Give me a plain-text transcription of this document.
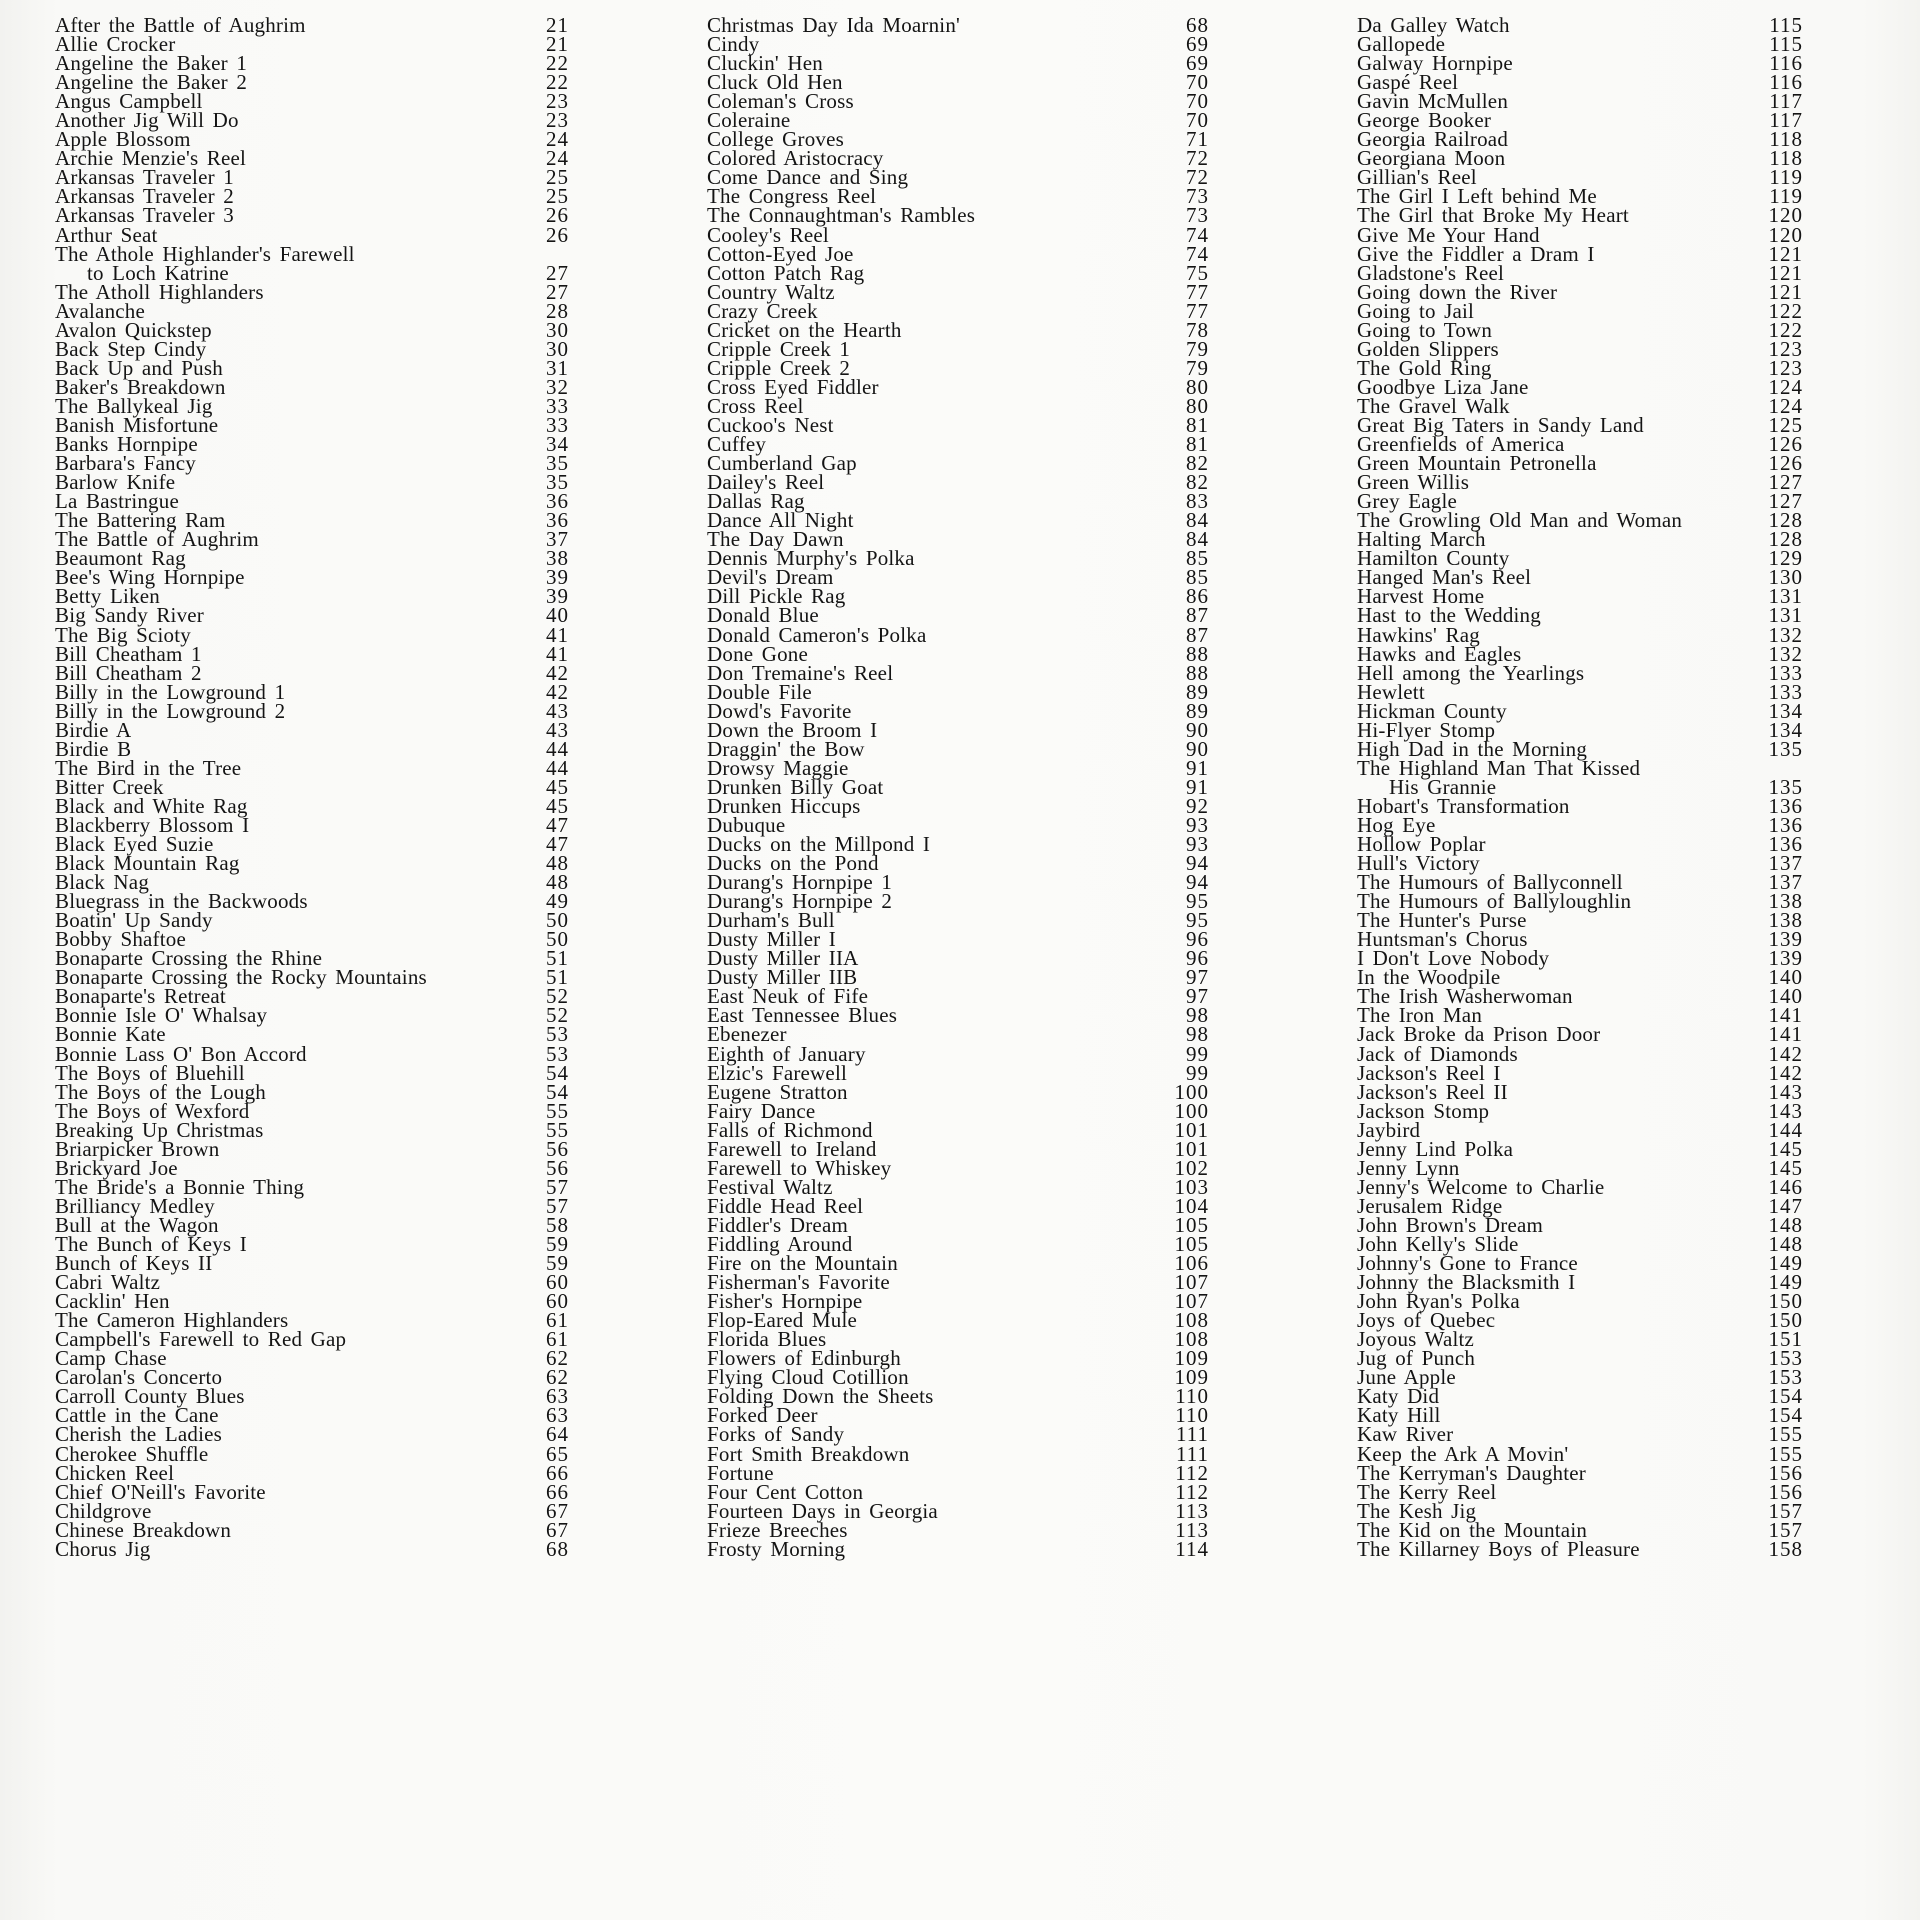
After the Battle of Aughrim	21
Allie Crocker	21
Angeline the Baker 1	22
Angeline the Baker 2	22
Angus Campbell	23
Another Jig Will Do	23
Apple Blossom	24
Archie Menzie's Reel	24
Arkansas Traveler 1	25
Arkansas Traveler 2	25
Arkansas Traveler 3	26
Arthur Seat	26
The Athole Highlander's Farewell
to Loch Katrine	27
The Atholl Highlanders	27
Avalanche	28
Avalon Quickstep	30
Back Step Cindy	30
Back Up and Push	31
Baker's Breakdown	32
The Ballykeal Jig	33
Banish Misfortune	33
Banks Hornpipe	34
Barbara's Fancy	35
Barlow Knife	35
La Bastringue	36
The Battering Ram	36
The Battle of Aughrim	37
Beaumont Rag	38
Bee's Wing Hornpipe	39
Betty Liken	39
Big Sandy River	40
The Big Scioty	41
Bill Cheatham 1	41
Bill Cheatham 2	42
Billy in the Lowground 1	42
Billy in the Lowground 2	43
Birdie A	43
Birdie B	44
The Bird in the Tree	44
Bitter Creek	45
Black and White Rag	45
Blackberry Blossom I	47
Black Eyed Suzie	47
Black Mountain Rag	48
Black Nag	48
Bluegrass in the Backwoods	49
Boatin' Up Sandy	50
Bobby Shaftoe	50
Bonaparte Crossing the Rhine	51
Bonaparte Crossing the Rocky Mountains	51
Bonaparte's Retreat	52
Bonnie Isle O' Whalsay	52
Bonnie Kate	53
Bonnie Lass O' Bon Accord	53
The Boys of Bluehill	54
The Boys of the Lough	54
The Boys of Wexford	55
Breaking Up Christmas	55
Briarpicker Brown	56
Brickyard Joe	56
The Bride's a Bonnie Thing	57
Brilliancy Medley	57
Bull at the Wagon	58
The Bunch of Keys I	59
Bunch of Keys II	59
Cabri Waltz	60
Cacklin' Hen	60
The Cameron Highlanders	61
Campbell's Farewell to Red Gap	61
Camp Chase	62
Carolan's Concerto	62
Carroll County Blues	63
Cattle in the Cane	63
Cherish the Ladies	64
Cherokee Shuffle	65
Chicken Reel	66
Chief O'Neill's Favorite	66
Childgrove	67
Chinese Breakdown	67
Chorus Jig	68
Christmas Day Ida Moarnin'	68
Cindy	69
Cluckin' Hen	69
Cluck Old Hen	70
Coleman's Cross	70
Coleraine	70
College Groves	71
Colored Aristocracy	72
Come Dance and Sing	72
The Congress Reel	73
The Connaughtman's Rambles	73
Cooley's Reel	74
Cotton-Eyed Joe	74
Cotton Patch Rag	75
Country Waltz	77
Crazy Creek	77
Cricket on the Hearth	78
Cripple Creek 1	79
Cripple Creek 2	79
Cross Eyed Fiddler	80
Cross Reel	80
Cuckoo's Nest	81
Cuffey	81
Cumberland Gap	82
Dailey's Reel	82
Dallas Rag	83
Dance All Night	84
The Day Dawn	84
Dennis Murphy's Polka	85
Devil's Dream	85
Dill Pickle Rag	86
Donald Blue	87
Donald Cameron's Polka	87
Done Gone	88
Don Tremaine's Reel	88
Double File	89
Dowd's Favorite	89
Down the Broom I	90
Draggin' the Bow	90
Drowsy Maggie	91
Drunken Billy Goat	91
Drunken Hiccups	92
Dubuque	93
Ducks on the Millpond I	93
Ducks on the Pond	94
Durang's Hornpipe 1	94
Durang's Hornpipe 2	95
Durham's Bull	95
Dusty Miller I	96
Dusty Miller IIA	96
Dusty Miller IIB	97
East Neuk of Fife	97
East Tennessee Blues	98
Ebenezer	98
Eighth of January	99
Elzic's Farewell	99
Eugene Stratton	100
Fairy Dance	100
Falls of Richmond	101
Farewell to Ireland	101
Farewell to Whiskey	102
Festival Waltz	103
Fiddle Head Reel	104
Fiddler's Dream	105
Fiddling Around	105
Fire on the Mountain	106
Fisherman's Favorite	107
Fisher's Hornpipe	107
Flop-Eared Mule	108
Florida Blues	108
Flowers of Edinburgh	109
Flying Cloud Cotillion	109
Folding Down the Sheets	110
Forked Deer	110
Forks of Sandy	111
Fort Smith Breakdown	111
Fortune	112
Four Cent Cotton	112
Fourteen Days in Georgia	113
Frieze Breeches	113
Frosty Morning	114
Da Galley Watch	115
Gallopede	115
Galway Hornpipe	116
Gaspé Reel	116
Gavin McMullen	117
George Booker	117
Georgia Railroad	118
Georgiana Moon	118
Gillian's Reel	119
The Girl I Left behind Me	119
The Girl that Broke My Heart	120
Give Me Your Hand	120
Give the Fiddler a Dram I	121
Gladstone's Reel	121
Going down the River	121
Going to Jail	122
Going to Town	122
Golden Slippers	123
The Gold Ring	123
Goodbye Liza Jane	124
The Gravel Walk	124
Great Big Taters in Sandy Land	125
Greenfields of America	126
Green Mountain Petronella	126
Green Willis	127
Grey Eagle	127
The Growling Old Man and Woman	128
Halting March	128
Hamilton County	129
Hanged Man's Reel	130
Harvest Home	131
Hast to the Wedding	131
Hawkins' Rag	132
Hawks and Eagles	132
Hell among the Yearlings	133
Hewlett	133
Hickman County	134
Hi-Flyer Stomp	134
High Dad in the Morning	135
The Highland Man That Kissed
His Grannie	135
Hobart's Transformation	136
Hog Eye	136
Hollow Poplar	136
Hull's Victory	137
The Humours of Ballyconnell	137
The Humours of Ballyloughlin	138
The Hunter's Purse	138
Huntsman's Chorus	139
I Don't Love Nobody	139
In the Woodpile	140
The Irish Washerwoman	140
The Iron Man	141
Jack Broke da Prison Door	141
Jack of Diamonds	142
Jackson's Reel I	142
Jackson's Reel II	143
Jackson Stomp	143
Jaybird	144
Jenny Lind Polka	145
Jenny Lynn	145
Jenny's Welcome to Charlie	146
Jerusalem Ridge	147
John Brown's Dream	148
John Kelly's Slide	148
Johnny's Gone to France	149
Johnny the Blacksmith I	149
John Ryan's Polka	150
Joys of Quebec	150
Joyous Waltz	151
Jug of Punch	153
June Apple	153
Katy Did	154
Katy Hill	154
Kaw River	155
Keep the Ark A Movin'	155
The Kerryman's Daughter	156
The Kerry Reel	156
The Kesh Jig	157
The Kid on the Mountain	157
The Killarney Boys of Pleasure	158
